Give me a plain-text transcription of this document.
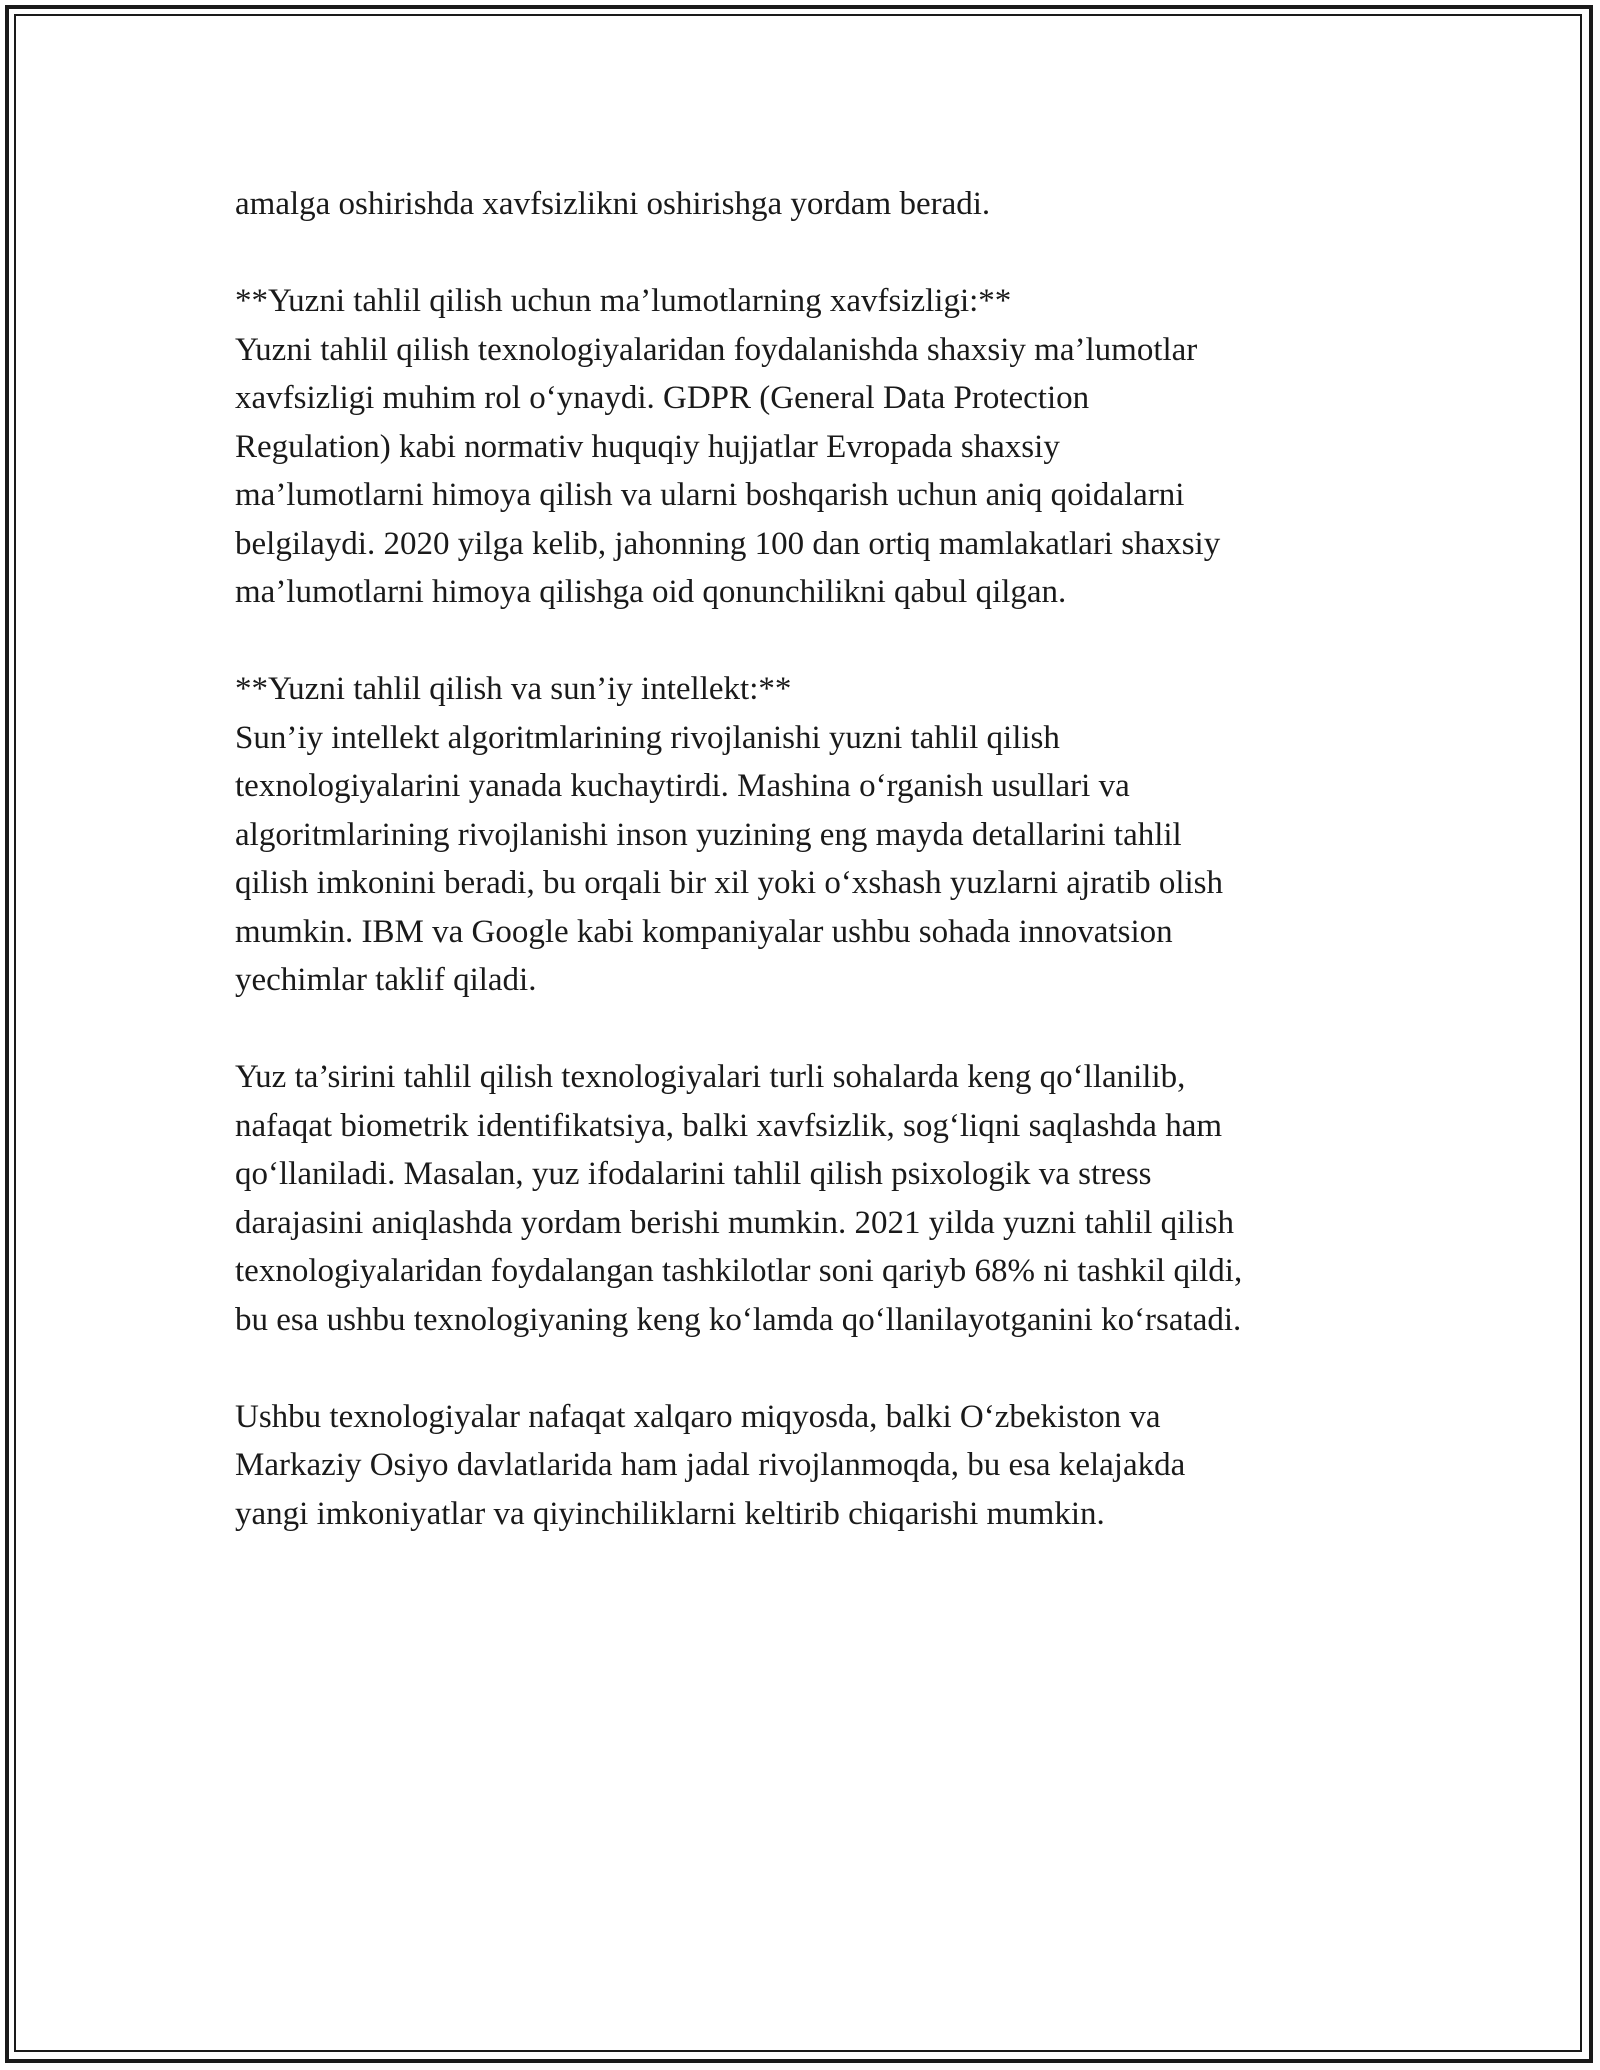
amalga oshirishda xavfsizlikni oshirishga yordam beradi.

**Yuzni tahlil qilish uchun ma’lumotlarning xavfsizligi:**
Yuzni tahlil qilish texnologiyalaridan foydalanishda shaxsiy ma’lumotlar
xavfsizligi muhim rol o‘ynaydi. GDPR (General Data Protection
Regulation) kabi normativ huquqiy hujjatlar Evropada shaxsiy
ma’lumotlarni himoya qilish va ularni boshqarish uchun aniq qoidalarni
belgilaydi. 2020 yilga kelib, jahonning 100 dan ortiq mamlakatlari shaxsiy
ma’lumotlarni himoya qilishga oid qonunchilikni qabul qilgan.

**Yuzni tahlil qilish va sun’iy intellekt:**
Sun’iy intellekt algoritmlarining rivojlanishi yuzni tahlil qilish
texnologiyalarini yanada kuchaytirdi. Mashina o‘rganish usullari va
algoritmlarining rivojlanishi inson yuzining eng mayda detallarini tahlil
qilish imkonini beradi, bu orqali bir xil yoki o‘xshash yuzlarni ajratib olish
mumkin. IBM va Google kabi kompaniyalar ushbu sohada innovatsion
yechimlar taklif qiladi.

Yuz ta’sirini tahlil qilish texnologiyalari turli sohalarda keng qo‘llanilib,
nafaqat biometrik identifikatsiya, balki xavfsizlik, sog‘liqni saqlashda ham
qo‘llaniladi. Masalan, yuz ifodalarini tahlil qilish psixologik va stress
darajasini aniqlashda yordam berishi mumkin. 2021 yilda yuzni tahlil qilish
texnologiyalaridan foydalangan tashkilotlar soni qariyb 68% ni tashkil qildi,
bu esa ushbu texnologiyaning keng ko‘lamda qo‘llanilayotganini ko‘rsatadi.

Ushbu texnologiyalar nafaqat xalqaro miqyosda, balki O‘zbekiston va
Markaziy Osiyo davlatlarida ham jadal rivojlanmoqda, bu esa kelajakda
yangi imkoniyatlar va qiyinchiliklarni keltirib chiqarishi mumkin.
